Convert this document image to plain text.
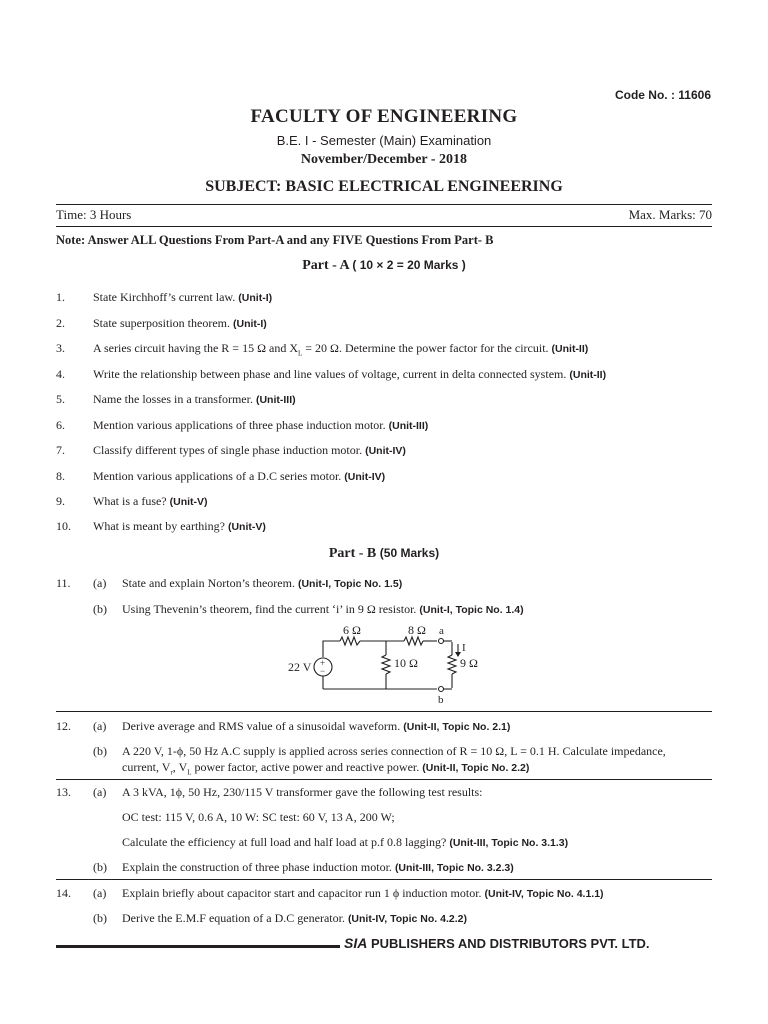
Code No. : 11606
FACULTY OF ENGINEERING
B.E. I - Semester (Main) Examination
November/December - 2018
SUBJECT: BASIC ELECTRICAL ENGINEERING
Time: 3 Hours	Max. Marks: 70
Note: Answer ALL Questions From Part-A and any FIVE Questions From Part- B
Part - A ( 10 × 2 = 20 Marks )
1. State Kirchhoff’s current law. (Unit-I)
2. State superposition theorem. (Unit-I)
3. A series circuit having the R = 15 Ω and $X_L = 20$ Ω. Determine the power factor for the circuit. (Unit-II)
4. Write the relationship between phase and line values of voltage, current in delta connected system. (Unit-II)
5. Name the losses in a transformer. (Unit-III)
6. Mention various applications of three phase induction motor. (Unit-III)
7. Classify different types of single phase induction motor. (Unit-IV)
8. Mention various applications of a D.C series motor. (Unit-IV)
9. What is a fuse? (Unit-V)
10. What is meant by earthing? (Unit-V)
Part - B (50 Marks)
11. (a) State and explain Norton’s theorem. (Unit-I, Topic No. 1.5)
(b) Using Thevenin’s theorem, find the current ‘i’ in 9 Ω resistor. (Unit-I, Topic No. 1.4)
6 Ω	8 Ω a
I
10 Ω	9 Ω
22 V +
−
b
12. (a) Derive average and RMS value of a sinusoidal waveform. (Unit-II, Topic No. 2.1)
(b) A 220 V, 1-ϕ, 50 Hz A.C supply is applied across series connection of R = 10 Ω, L = 0.1 H. Calculate impedance,
current, $V_r$, $V_L$ power factor, active power and reactive power. (Unit-II, Topic No. 2.2)
13. (a) A 3 kVA, 1ϕ, 50 Hz, 230/115 V transformer gave the following test results:
OC test: 115 V, 0.6 A, 10 W: SC test: 60 V, 13 A, 200 W;
Calculate the efficiency at full load and half load at p.f 0.8 lagging? (Unit-III, Topic No. 3.1.3)
(b) Explain the construction of three phase induction motor. (Unit-III, Topic No. 3.2.3)
14. (a) Explain briefly about capacitor start and capacitor run 1 ϕ induction motor. (Unit-IV, Topic No. 4.1.1)
(b) Derive the E.M.F equation of a D.C generator. (Unit-IV, Topic No. 4.2.2)
SIA PUBLISHERS AND DISTRIBUTORS PVT. LTD.
